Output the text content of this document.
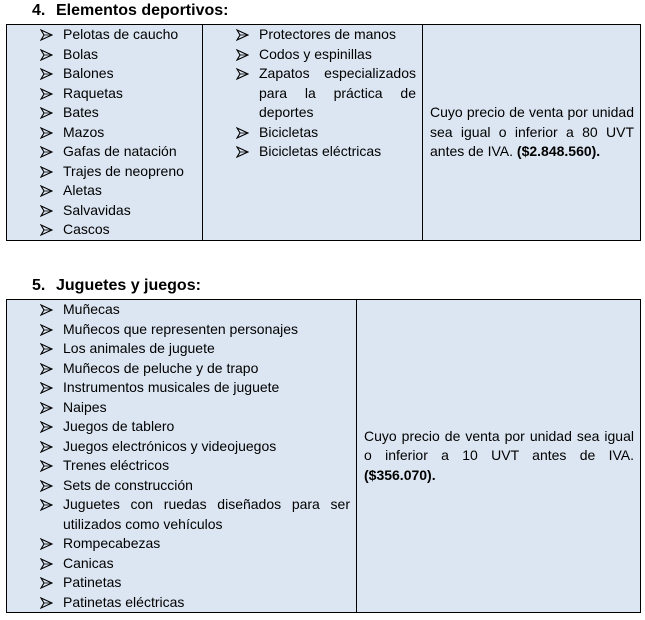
4. Elementos deportivos:
Pelotas de caucho
Bolas
Balones
Raquetas
Bates
Mazos
Gafas de natación
Trajes de neopreno
Aletas
Salvavidas
Cascos

Protectores de manos
Codos y espinillas
Zapatos especializados para la práctica de deportes
Bicicletas
Bicicletas eléctricas

Cuyo precio de venta por unidad sea igual o inferior a 80 UVT antes de IVA. ($2.848.560).
5. Juguetes y juegos:
Muñecas
Muñecos que representen personajes
Los animales de juguete
Muñecos de peluche y de trapo
Instrumentos musicales de juguete
Naipes
Juegos de tablero
Juegos electrónicos y videojuegos
Trenes eléctricos
Sets de construcción
Juguetes con ruedas diseñados para ser utilizados como vehículos
Rompecabezas
Canicas
Patinetas
Patinetas eléctricas

Cuyo precio de venta por unidad sea igual o inferior a 10 UVT antes de IVA. ($356.070).
